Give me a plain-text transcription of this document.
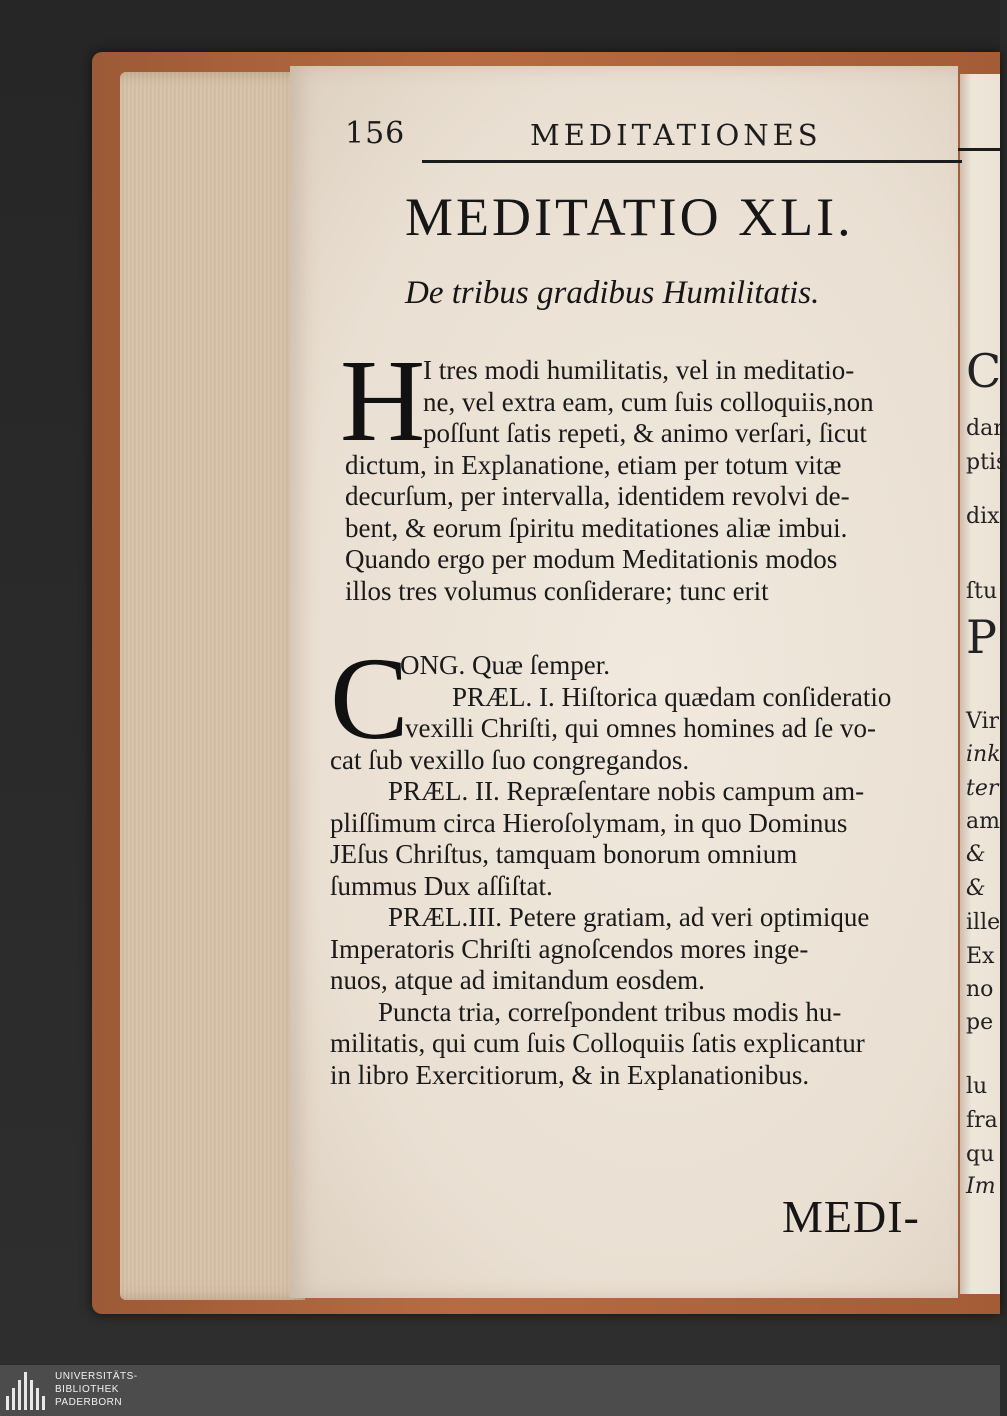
C
dan
ptis
dix
ſtu
P
Vir
ink
ter
am
&
&
ille
Ex
no
pe
lu
fra
qu
Im
156	MEDITATIONES
MEDITATIO XLI.
De tribus gradibus Humilitatis.
H
I tres modi humilitatis, vel in meditatio-
ne, vel extra eam, cum ſuis colloquiis,non
poſſunt ſatis repeti, & animo verſari, ſicut
dictum, in Explanatione, etiam per totum vitæ
decurſum, per intervalla, identidem revolvi de-
bent, & eorum ſpiritu meditationes aliæ imbui.
Quando ergo per modum Meditationis modos
illos tres volumus conſiderare; tunc erit
C
ONG. Quæ ſemper.
PRÆL. I. Hiſtorica quædam conſideratio
vexilli Chriſti, qui omnes homines ad ſe vo-
cat ſub vexillo ſuo congregandos.
PRÆL. II. Repræſentare nobis campum am-
pliſſimum circa Hieroſolymam, in quo Dominus
JEſus Chriſtus, tamquam bonorum omnium
ſummus Dux aſſiſtat.
PRÆL.III. Petere gratiam, ad veri optimique
Imperatoris Chriſti agnoſcendos mores inge-
nuos, atque ad imitandum eosdem.
Puncta tria, correſpondent tribus modis hu-
militatis, qui cum ſuis Colloquiis ſatis explicantur
in libro Exercitiorum, & in Explanationibus.
MEDI-
UNIVERSITÄTS-
BIBLIOTHEK
PADERBORN
